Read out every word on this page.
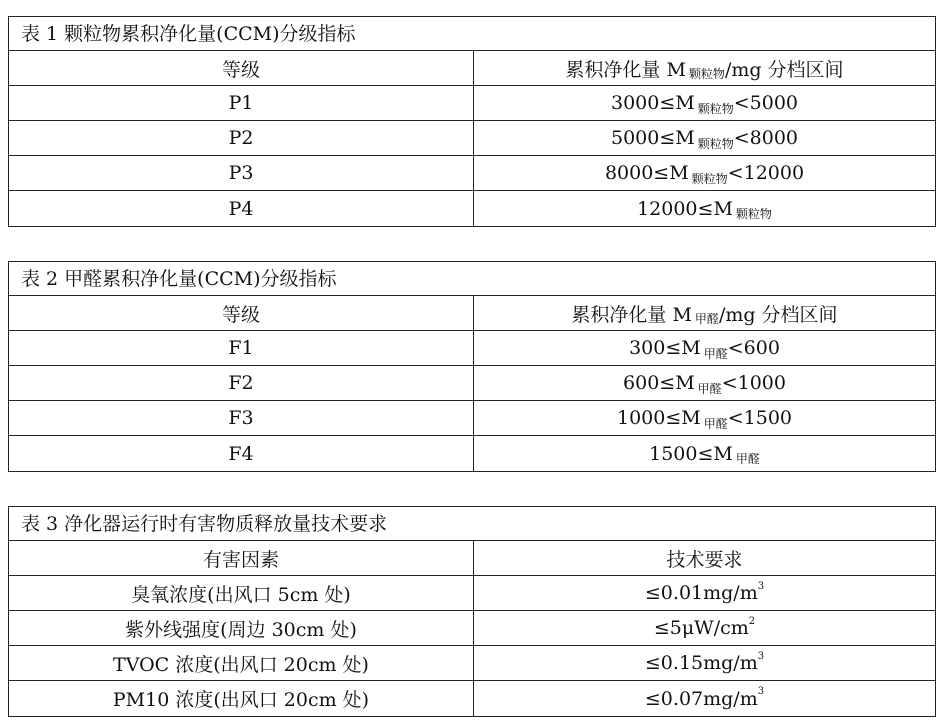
表 1 颗粒物累积净化量(CCM)分级指标
等级	累积净化量 M 颗粒物 /mg 分档区间
P1	3000≤M 颗粒物 <5000
P2	5000≤M 颗粒物 <8000
P3	8000≤M 颗粒物 <12000
P4	12000≤M 颗粒物
表 2 甲醛累积净化量(CCM)分级指标
等级	累积净化量 M 甲醛 /mg 分档区间
F1	300≤M 甲醛 <600
F2	600≤M 甲醛 <1000
F3	1000≤M 甲醛 <1500
F4	1500≤M 甲醛
表 3 净化器运行时有害物质释放量技术要求
有害因素	技术要求
臭氧浓度(出风口 5cm 处)	≤0.01mg/m 3
紫外线强度(周边 30cm 处)	≤5μW/cm 2
TVOC 浓度(出风口 20cm 处)	≤0.15mg/m 3
PM10 浓度(出风口 20cm 处)	≤0.07mg/m 3
